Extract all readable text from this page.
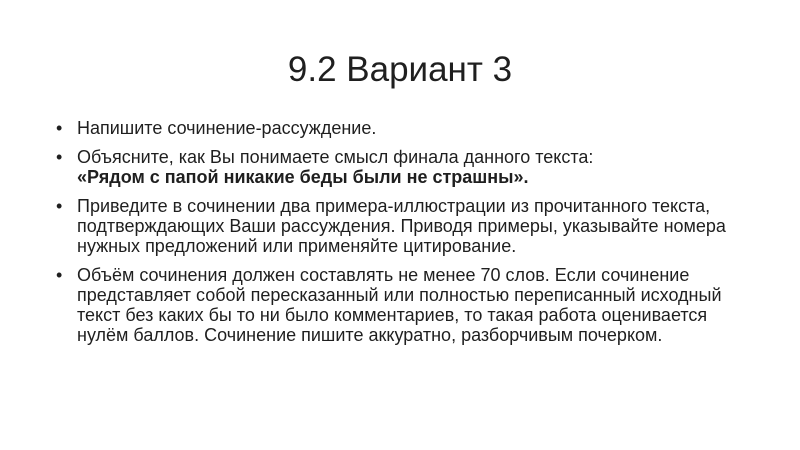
9.2 Вариант 3
• Напишите сочинение-рассуждение.
• Объясните, как Вы понимаете смысл финала данного текста:
«Рядом с папой никакие беды были не страшны».
• Приведите в сочинении два примера-иллюстрации из прочитанного текста, подтверждающих Ваши рассуждения. Приводя примеры, указывайте номера нужных предложений или применяйте цитирование.
• Объём сочинения должен составлять не менее 70 слов. Если сочинение представляет собой пересказанный или полностью переписанный исходный текст без каких бы то ни было комментариев, то такая работа оценивается нулём баллов. Сочинение пишите аккуратно, разборчивым почерком.
